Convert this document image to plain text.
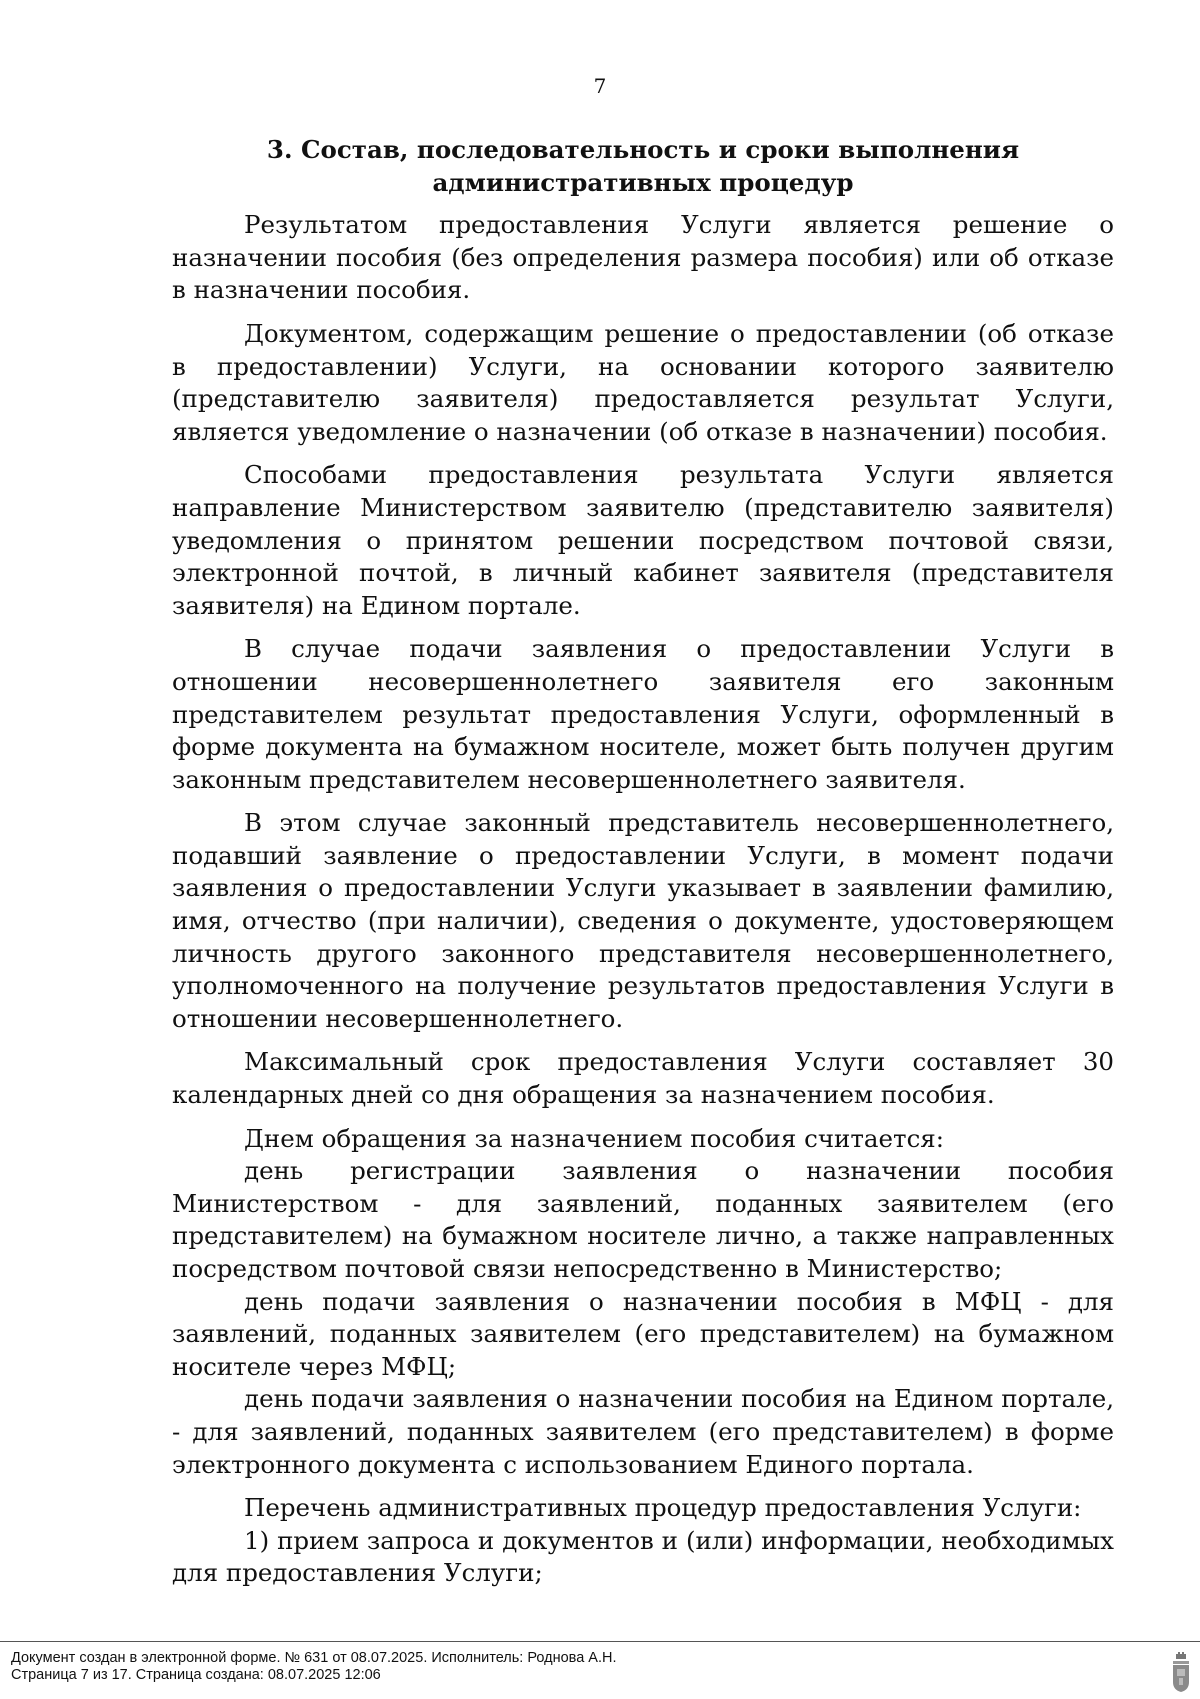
7
3. Состав, последовательность и сроки выполнения административных процедур

Результатом предоставления Услуги является решение о назначении пособия (без определения размера пособия) или об отказе в назначении пособия.

Документом, содержащим решение о предоставлении (об отказе в предоставлении) Услуги, на основании которого заявителю (представителю заявителя) предоставляется результат Услуги, является уведомление о назначении (об отказе в назначении) пособия.

Способами предоставления результата Услуги является направление Министерством заявителю (представителю заявителя) уведомления о принятом решении посредством почтовой связи, электронной почтой, в личный кабинет заявителя (представителя заявителя) на Едином портале.

В случае подачи заявления о предоставлении Услуги в отношении несовершеннолетнего заявителя его законным представителем результат предоставления Услуги, оформленный в форме документа на бумажном носителе, может быть получен другим законным представителем несовершеннолетнего заявителя.

В этом случае законный представитель несовершеннолетнего, подавший заявление о предоставлении Услуги, в момент подачи заявления о предоставлении Услуги указывает в заявлении фамилию, имя, отчество (при наличии), сведения о документе, удостоверяющем личность другого законного представителя несовершеннолетнего, уполномоченного на получение результатов предоставления Услуги в отношении несовершеннолетнего.

Максимальный срок предоставления Услуги составляет 30 календарных дней со дня обращения за назначением пособия.

Днем обращения за назначением пособия считается:

день регистрации заявления о назначении пособия Министерством - для заявлений, поданных заявителем (его представителем) на бумажном носителе лично, а также направленных посредством почтовой связи непосредственно в Министерство;

день подачи заявления о назначении пособия в МФЦ - для заявлений, поданных заявителем (его представителем) на бумажном носителе через МФЦ;

день подачи заявления о назначении пособия на Едином портале, - для заявлений, поданных заявителем (его представителем) в форме электронного документа с использованием Единого портала.

Перечень административных процедур предоставления Услуги:

1) прием запроса и документов и (или) информации, необходимых для предоставления Услуги;

Документ создан в электронной форме. № 631 от 08.07.2025. Исполнитель: Роднова А.Н.
Страница 7 из 17. Страница создана: 08.07.2025 12:06
